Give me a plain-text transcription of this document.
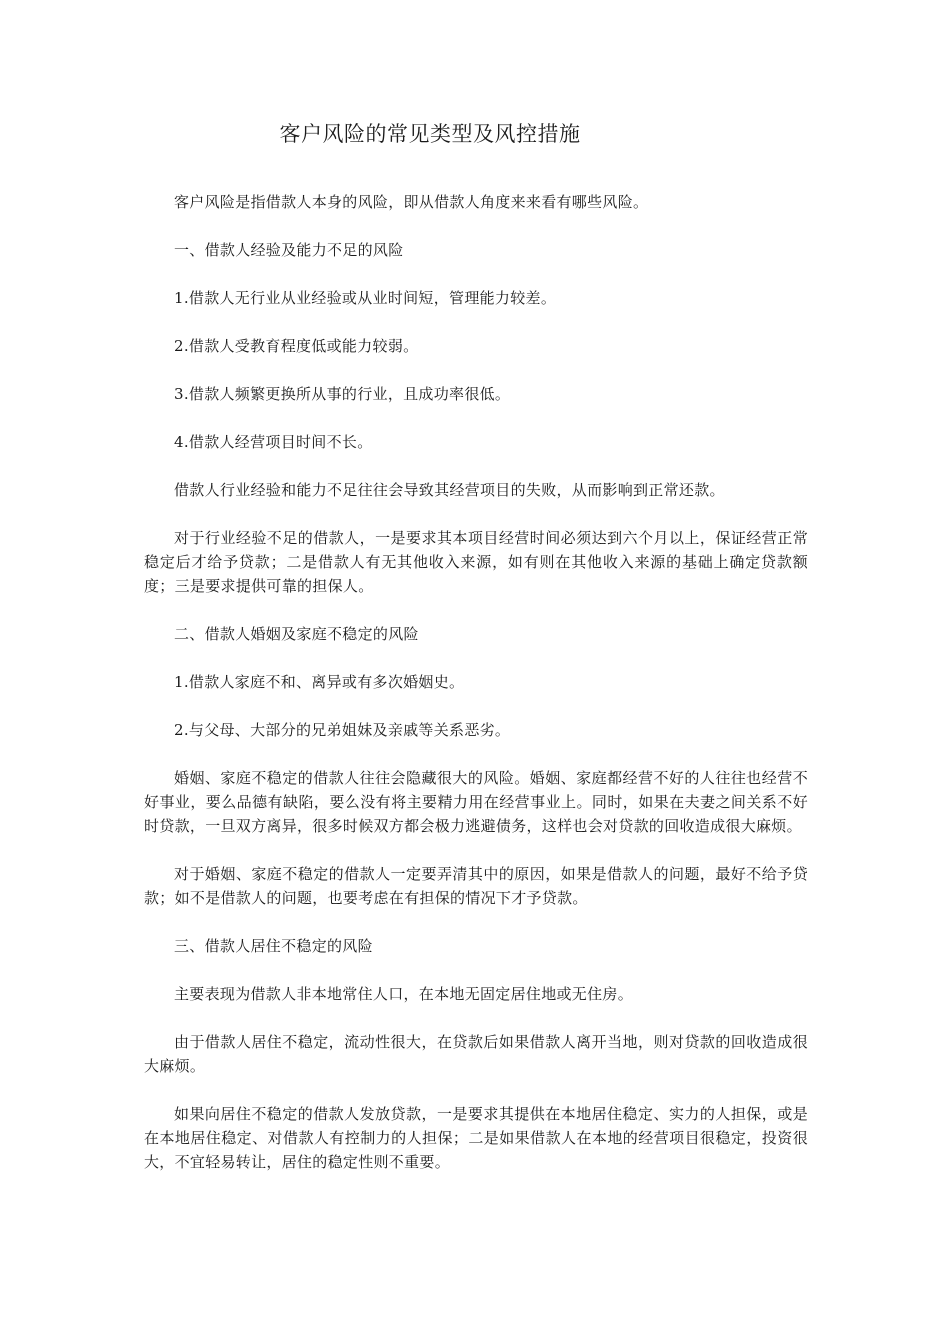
客户风险的常见类型及风控措施

客户风险是指借款人本身的风险，即从借款人角度来来看有哪些风险。

一、借款人经验及能力不足的风险

1.借款人无行业从业经验或从业时间短，管理能力较差。

2.借款人受教育程度低或能力较弱。

3.借款人频繁更换所从事的行业，且成功率很低。

4.借款人经营项目时间不长。

借款人行业经验和能力不足往往会导致其经营项目的失败，从而影响到正常还款。

对于行业经验不足的借款人，一是要求其本项目经营时间必须达到六个月以上，保证经营正常稳定后才给予贷款；二是借款人有无其他收入来源，如有则在其他收入来源的基础上确定贷款额度；三是要求提供可靠的担保人。

二、借款人婚姻及家庭不稳定的风险

1.借款人家庭不和、离异或有多次婚姻史。

2.与父母、大部分的兄弟姐妹及亲戚等关系恶劣。

婚姻、家庭不稳定的借款人往往会隐藏很大的风险。婚姻、家庭都经营不好的人往往也经营不好事业，要么品德有缺陷，要么没有将主要精力用在经营事业上。同时，如果在夫妻之间关系不好时贷款，一旦双方离异，很多时候双方都会极力逃避债务，这样也会对贷款的回收造成很大麻烦。

对于婚姻、家庭不稳定的借款人一定要弄清其中的原因，如果是借款人的问题，最好不给予贷款；如不是借款人的问题，也要考虑在有担保的情况下才予贷款。

三、借款人居住不稳定的风险

主要表现为借款人非本地常住人口，在本地无固定居住地或无住房。

由于借款人居住不稳定，流动性很大，在贷款后如果借款人离开当地，则对贷款的回收造成很大麻烦。

如果向居住不稳定的借款人发放贷款，一是要求其提供在本地居住稳定、实力的人担保，或是在本地居住稳定、对借款人有控制力的人担保；二是如果借款人在本地的经营项目很稳定，投资很大，不宜轻易转让，居住的稳定性则不重要。
